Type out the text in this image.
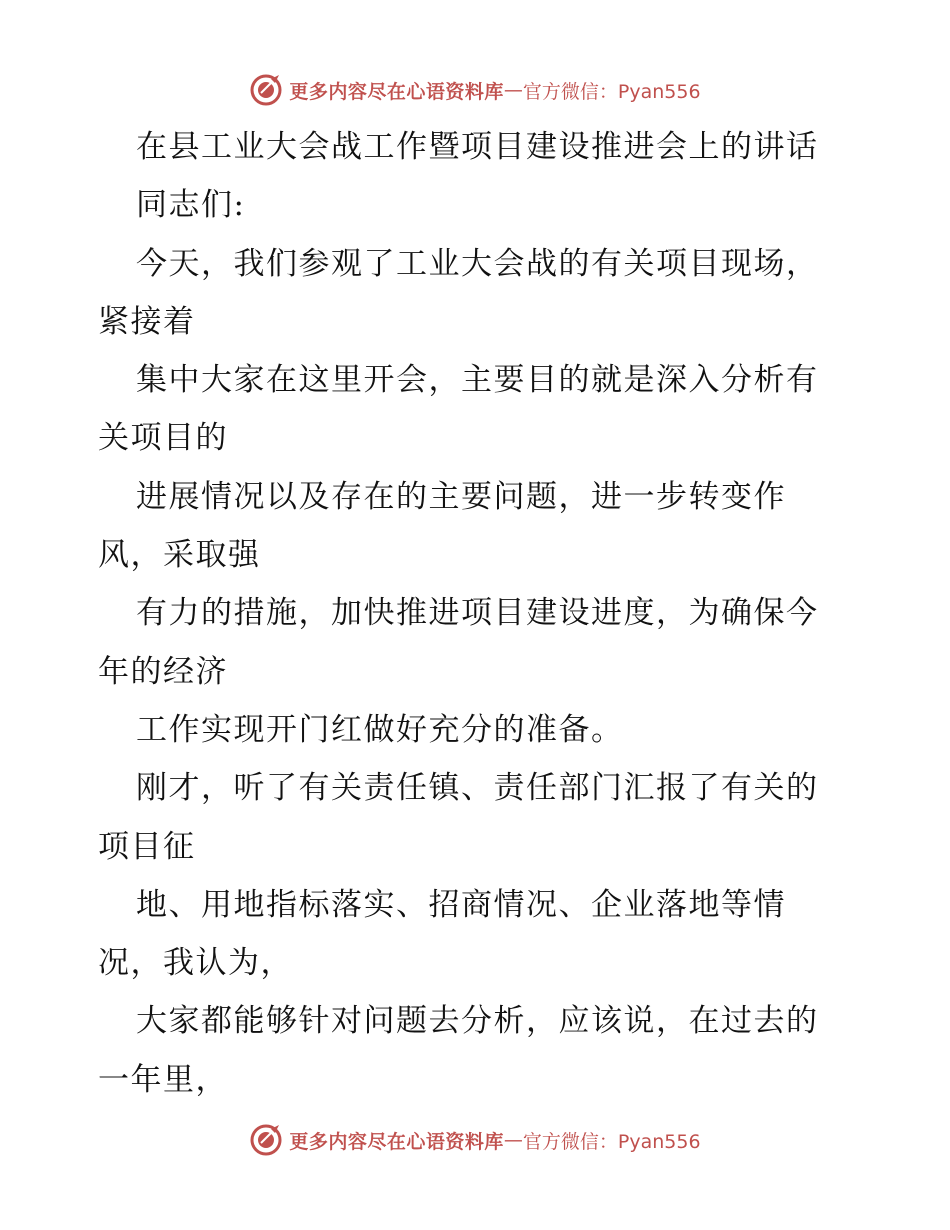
更多内容尽在心语资料库 — 官方微信：Pyan556
在县工业大会战工作暨项目建设推进会上的讲话
同志们:
今天，我们参观了工业大会战的有关项目现场，
紧接着
集中大家在这里开会，主要目的就是深入分析有
关项目的
进展情况以及存在的主要问题，进一步转变作
风，采取强
有力的措施，加快推进项目建设进度，为确保今
年的经济
工作实现开门红做好充分的准备。
刚才，听了有关责任镇、责任部门汇报了有关的
项目征
地、用地指标落实、招商情况、企业落地等情
况，我认为，
大家都能够针对问题去分析，应该说，在过去的
一年里，
更多内容尽在心语资料库 — 官方微信：Pyan556
